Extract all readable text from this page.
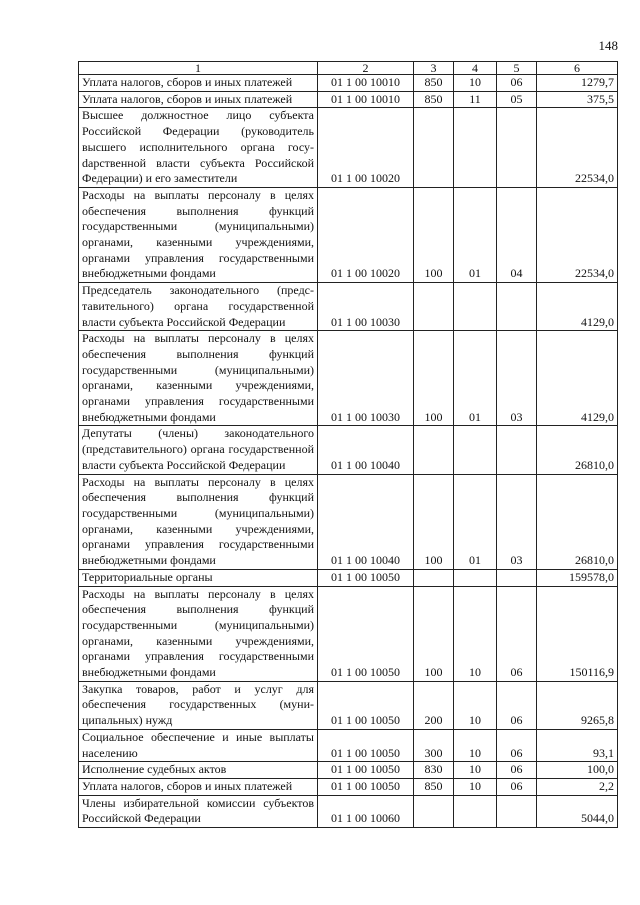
148
1	2	3	4	5	6
Уплата налогов, сборов и иных платежей	01 1 00 10010	850	10	06	1279,7
Уплата налогов, сборов и иных платежей	01 1 00 10010	850	11	05	375,5
Высшее должностное лицо субъекта Российской Федерации (руководитель высшего исполнительного органа госуdарственной власти субъекта Российской Федерации) и его заместители	01 1 00 10020				22534,0
Расходы на выплаты персоналу в целях обеспечения выполнения функций государственными (муниципальными) органами, казенными учреждениями, органами управления государственными внебюджетными фондами	01 1 00 10020	100	01	04	22534,0
Председатель законодательного (представительного) органа государственной власти субъекта Российской Федерации	01 1 00 10030				4129,0
Расходы на выплаты персоналу в целях обеспечения выполнения функций государственными (муниципальными) органами, казенными учреждениями, органами управления государственными внебюджетными фондами	01 1 00 10030	100	01	03	4129,0
Депутаты (члены) законодательного (представительного) органа государственной власти субъекта Российской Федерации	01 1 00 10040				26810,0
Расходы на выплаты персоналу в целях обеспечения выполнения функций государственными (муниципальными) органами, казенными учреждениями, органами управления государственными внебюджетными фондами	01 1 00 10040	100	01	03	26810,0
Территориальные органы	01 1 00 10050				159578,0
Расходы на выплаты персоналу в целях обеспечения выполнения функций государственными (муниципальными) органами, казенными учреждениями, органами управления государственными внебюджетными фондами	01 1 00 10050	100	10	06	150116,9
Закупка товаров, работ и услуг для обеспечения государственных (муниципальных) нужд	01 1 00 10050	200	10	06	9265,8
Социальное обеспечение и иные выплаты населению	01 1 00 10050	300	10	06	93,1
Исполнение судебных актов	01 1 00 10050	830	10	06	100,0
Уплата налогов, сборов и иных платежей	01 1 00 10050	850	10	06	2,2
Члены избирательной комиссии субъектов Российской Федерации	01 1 00 10060				5044,0
